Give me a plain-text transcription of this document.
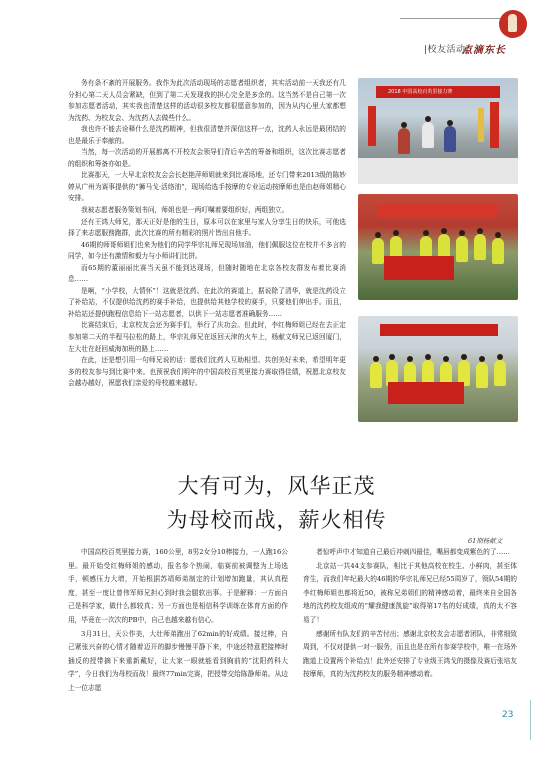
|校友活动|
点滴东长

务有条不紊的开展服务。我作为此次活动现场的志愿者组织者，其实活动前一天我还有几分担心第二天人员会紧缺，但到了第二天发现我的担心完全是多余的。这当然不是自己第一次参加志愿者活动，其实我也清楚这样的活动很多校友都很愿意参加的，因为从内心里大家都想为沈药、为校友会、为沈药人去做些什么。

我也许不能去诠释什么是沈药精神，但我很清楚并深信这样一点，沈药人永远是最团结的也是最乐于奉献的。

当然，每一次活动的开展都离不开校友会领导们背后辛苦的筹备和组织，这次比赛志愿者的组织和筹备亦如是。

比赛那天，一大早北京校友会会长赵艳萍师姐就来到比赛场地，还专门带来2013级的陈妙婷从广州为赛事提供的“狮马戈·活络油”，现场给选手按摩的专业运动按摩师也是由赵师姐精心安排。

我被志愿者服务策划书问，师姐也是一两叮嘱着要组织好，两组独立。

还有王鸿大师兄，那天正好是他的生日，原本可以在家里与家人分享生日的快乐，可他选择了来志愿服務跑群，此次比赛的所有精彩的照片皆出自他手。

46期的师哥师姐们也来为他们的同学华宗礼师兄现场加油，他们佩服这位在校并不多言的同学，如今还有激情和毅力与小师讲们比拼。

而65期的董丽丽比赛当天虽不能到达现场，但随时随地在北京各校友群发布着比赛消息……

是啊，“小学校，大情怀”！这就是沈药。在此次的赛道上，据说除了清华，就是沈药设立了补给站，不仅提供给沈药的赛手补给，也提供给其他学校的赛手，只要他们伸出手。而且，补给站还提供跑程信息给下一站志愿者，以供下一站志愿者准确服务……

比赛结束后，北京校友会还为赛手们，举行了庆功会。但此时，李红梅师姐已经在去正定参加第二天的半程马拉松的路上，华宗礼师兄在返回天津的火车上，杨献文师兄已返回厦门，左大壮在赶回威海加班的路上……

在此，还是想引用一句师兄说的话：愿我们沈药人互助相望、共创美好未来，希望明年更多的校友参与到比赛中来。也预祝我们明年的中国高校百英里接力赛取得佳绩，祝愿北京校友会越办越好，祝愿我们亲爱的母校越来越好。

2018 中国高校百英里接力赛
大有可为，风华正茂
为母校而战，薪火相传
61期杨献文

中国高校百英里接力赛，160公里，8男2女分10棒接力，一人跑16公里。最开始受红梅师姐的感动，报名参个热闹，临赛前被调整为上场选手，顿感压力大增，开始根据苏靖师弟制定的计划增加跑量，其认真程度，甚至一度让曾伟军师兄担心到时我会腿软出事。于是解释：一方面自己是科学家，做什么都较真；另一方面也是相信科学训练在体育方面的作用，毕竟在一次次的PB中，自己也越来越有信心。

3月31日，天公作美，大壮师弟跑出了62min的好成绩。接过棒，自己紧张兴奋的心情才随着迈开的脚步慢慢平静下来，中途还特意把接棒时插反的授带摘下来重新戴好，让大家一眼就能看到胸前的“沈阳药科大学”，今日我们为母校而战！最终77min完赛，把授带交给陈静师弟。从边上一位志愿

者惊呼声中才知道自己最后冲刺四最佳，嘴唇都变成紫色的了……

北京站一共44支参赛队，相比于其他高校在校生、小鲜肉，甚至体育生，而我们年纪最大的46期的华宗礼师兄已经55周岁了，领队54期的李红梅师姐也都将近50，被称兄弟姐们的精神感动着，最终来自全国各地的沈药校友组成的“耀我健康凯旋”取得第17名的好成绩，真的太不容易了！

感谢所有队友们的辛苦付出；感谢北京校友会志愿者团队，非常细致周到，不仅对提供一对一服务，而且也是在所有参赛学校中，唯一在场外跑道上设置两个补给点！此外还安排了专业级王鸿戈的摄像及赛后张培友按摩师，真的为沈药校友的服务精神感动着。

23
